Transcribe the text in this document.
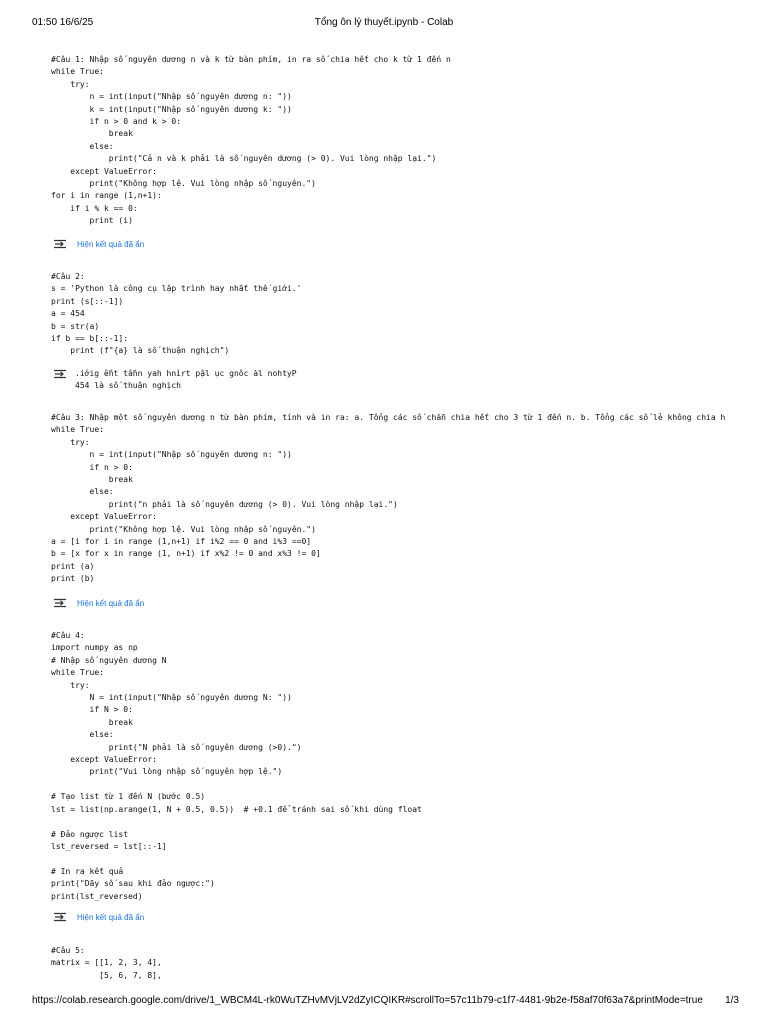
01:50 16/6/25	Tổng ôn lý thuyết.ipynb - Colab
#Câu 1: Nhập số nguyên dương n và k từ bàn phím, in ra số chia hết cho k từ 1 đến n
while True:
try:
n = int(input("Nhập số nguyên dương n: "))
k = int(input("Nhập số nguyên dương k: "))
if n > 0 and k > 0:
break
else:
print("Cả n và k phải là số nguyên dương (> 0). Vui lòng nhập lại.")
except ValueError:
print("Không hợp lệ. Vui lòng nhập số nguyên.")
for i in range (1,n+1):
if i % k == 0:
print (i)
Hiện kết quả đã ẩn
#Câu 2:
s = 'Python là công cụ lập trình hay nhất thế giới.'
print (s[::-1])
a = 454
b = str(a)
if b == b[::-1]:
print (f"{a} là số thuận nghịch")
.iớig ếht tấhn yah hnìrt pậl ục gnôc àl nohtyP
454 là số thuận nghịch
#Câu 3: Nhập một số nguyên dương n từ bàn phím, tính và in ra: a. Tổng các số chẵn chia hết cho 3 từ 1 đến n. b. Tổng các số lẻ không chia h
while True:
try:
n = int(input("Nhập số nguyên dương n: "))
if n > 0:
break
else:
print("n phải là số nguyên dương (> 0). Vui lòng nhập lại.")
except ValueError:
print("Không hợp lệ. Vui lòng nhập số nguyên.")
a = [i for i in range (1,n+1) if i%2 == 0 and i%3 ==0]
b = [x for x in range (1, n+1) if x%2 != 0 and x%3 != 0]
print (a)
print (b)
Hiện kết quả đã ẩn
#Câu 4:
import numpy as np
# Nhập số nguyên dương N
while True:
try:
N = int(input("Nhập số nguyên dương N: "))
if N > 0:
break
else:
print("N phải là số nguyên dương (>0).")
except ValueError:
print("Vui lòng nhập số nguyên hợp lệ.")

# Tạo list từ 1 đến N (bước 0.5)
lst = list(np.arange(1, N + 0.5, 0.5))  # +0.1 để tránh sai số khi dùng float

# Đảo ngược list
lst_reversed = lst[::-1]

# In ra kết quả
print("Dãy số sau khi đảo ngược:")
print(lst_reversed)
Hiện kết quả đã ẩn
#Câu 5:
matrix = [[1, 2, 3, 4],
[5, 6, 7, 8],
https://colab.research.google.com/drive/1_WBCM4L-rk0WuTZHvMVjLV2dZyICQIKR#scrollTo=57c11b79-c1f7-4481-9b2e-f58af70f63a7&printMode=true 1/3
